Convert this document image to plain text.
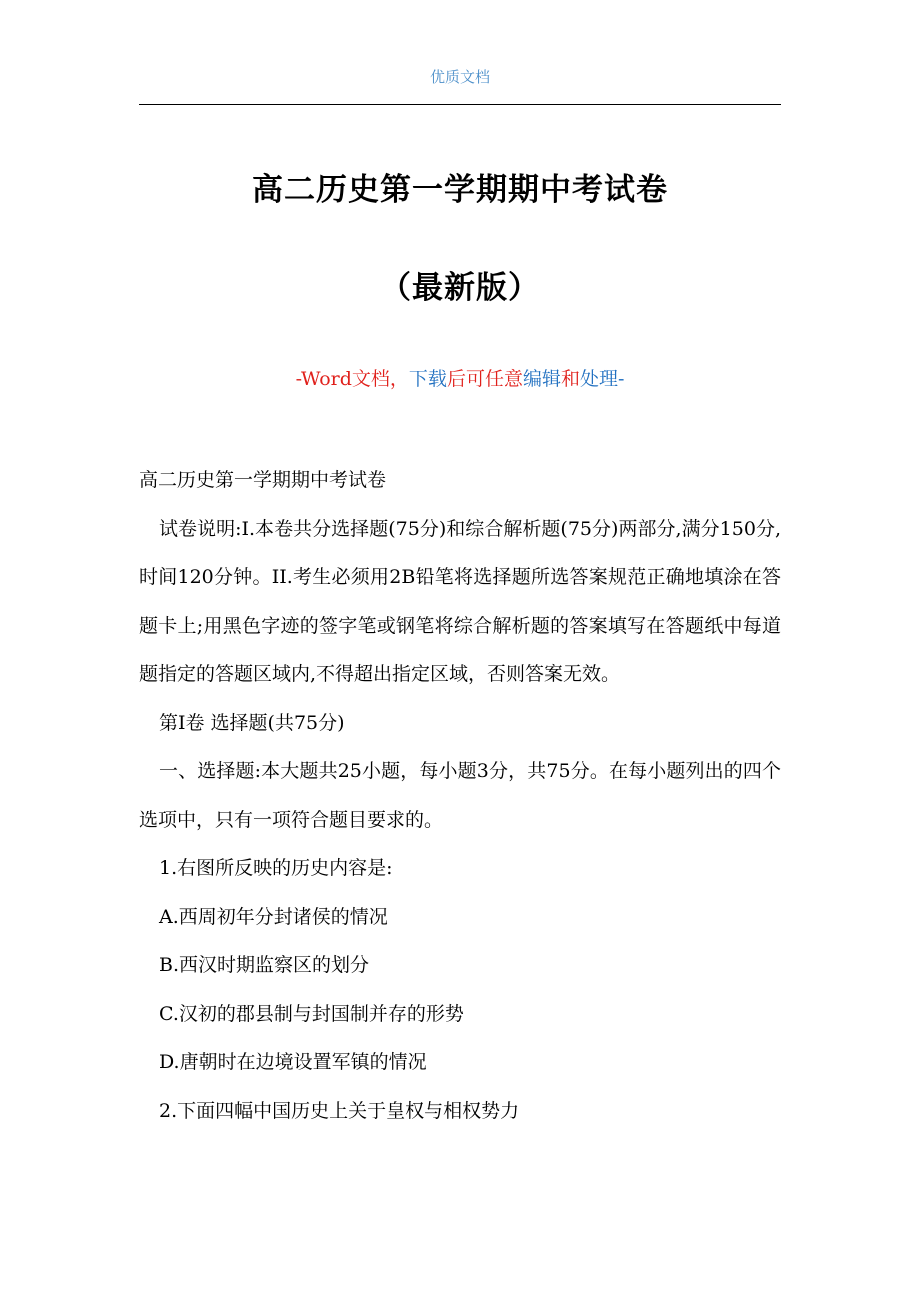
优质文档
高二历史第一学期期中考试卷
（最新版）
-Word文档，下载后可任意编辑和处理-

高二历史第一学期期中考试卷

试卷说明:I.本卷共分选择题(75分)和综合解析题(75分)两部分,满分150分,时间120分钟。II.考生必须用2B铅笔将选择题所选答案规范正确地填涂在答题卡上;用黑色字迹的签字笔或钢笔将综合解析题的答案填写在答题纸中每道题指定的答题区域内,不得超出指定区域，否则答案无效。

第I卷 选择题(共75分)

一、选择题:本大题共25小题，每小题3分，共75分。在每小题列出的四个选项中，只有一项符合题目要求的。

1.右图所反映的历史内容是:

A.西周初年分封诸侯的情况

B.西汉时期监察区的划分

C.汉初的郡县制与封国制并存的形势

D.唐朝时在边境设置军镇的情况

2.下面四幅中国历史上关于皇权与相权势力
